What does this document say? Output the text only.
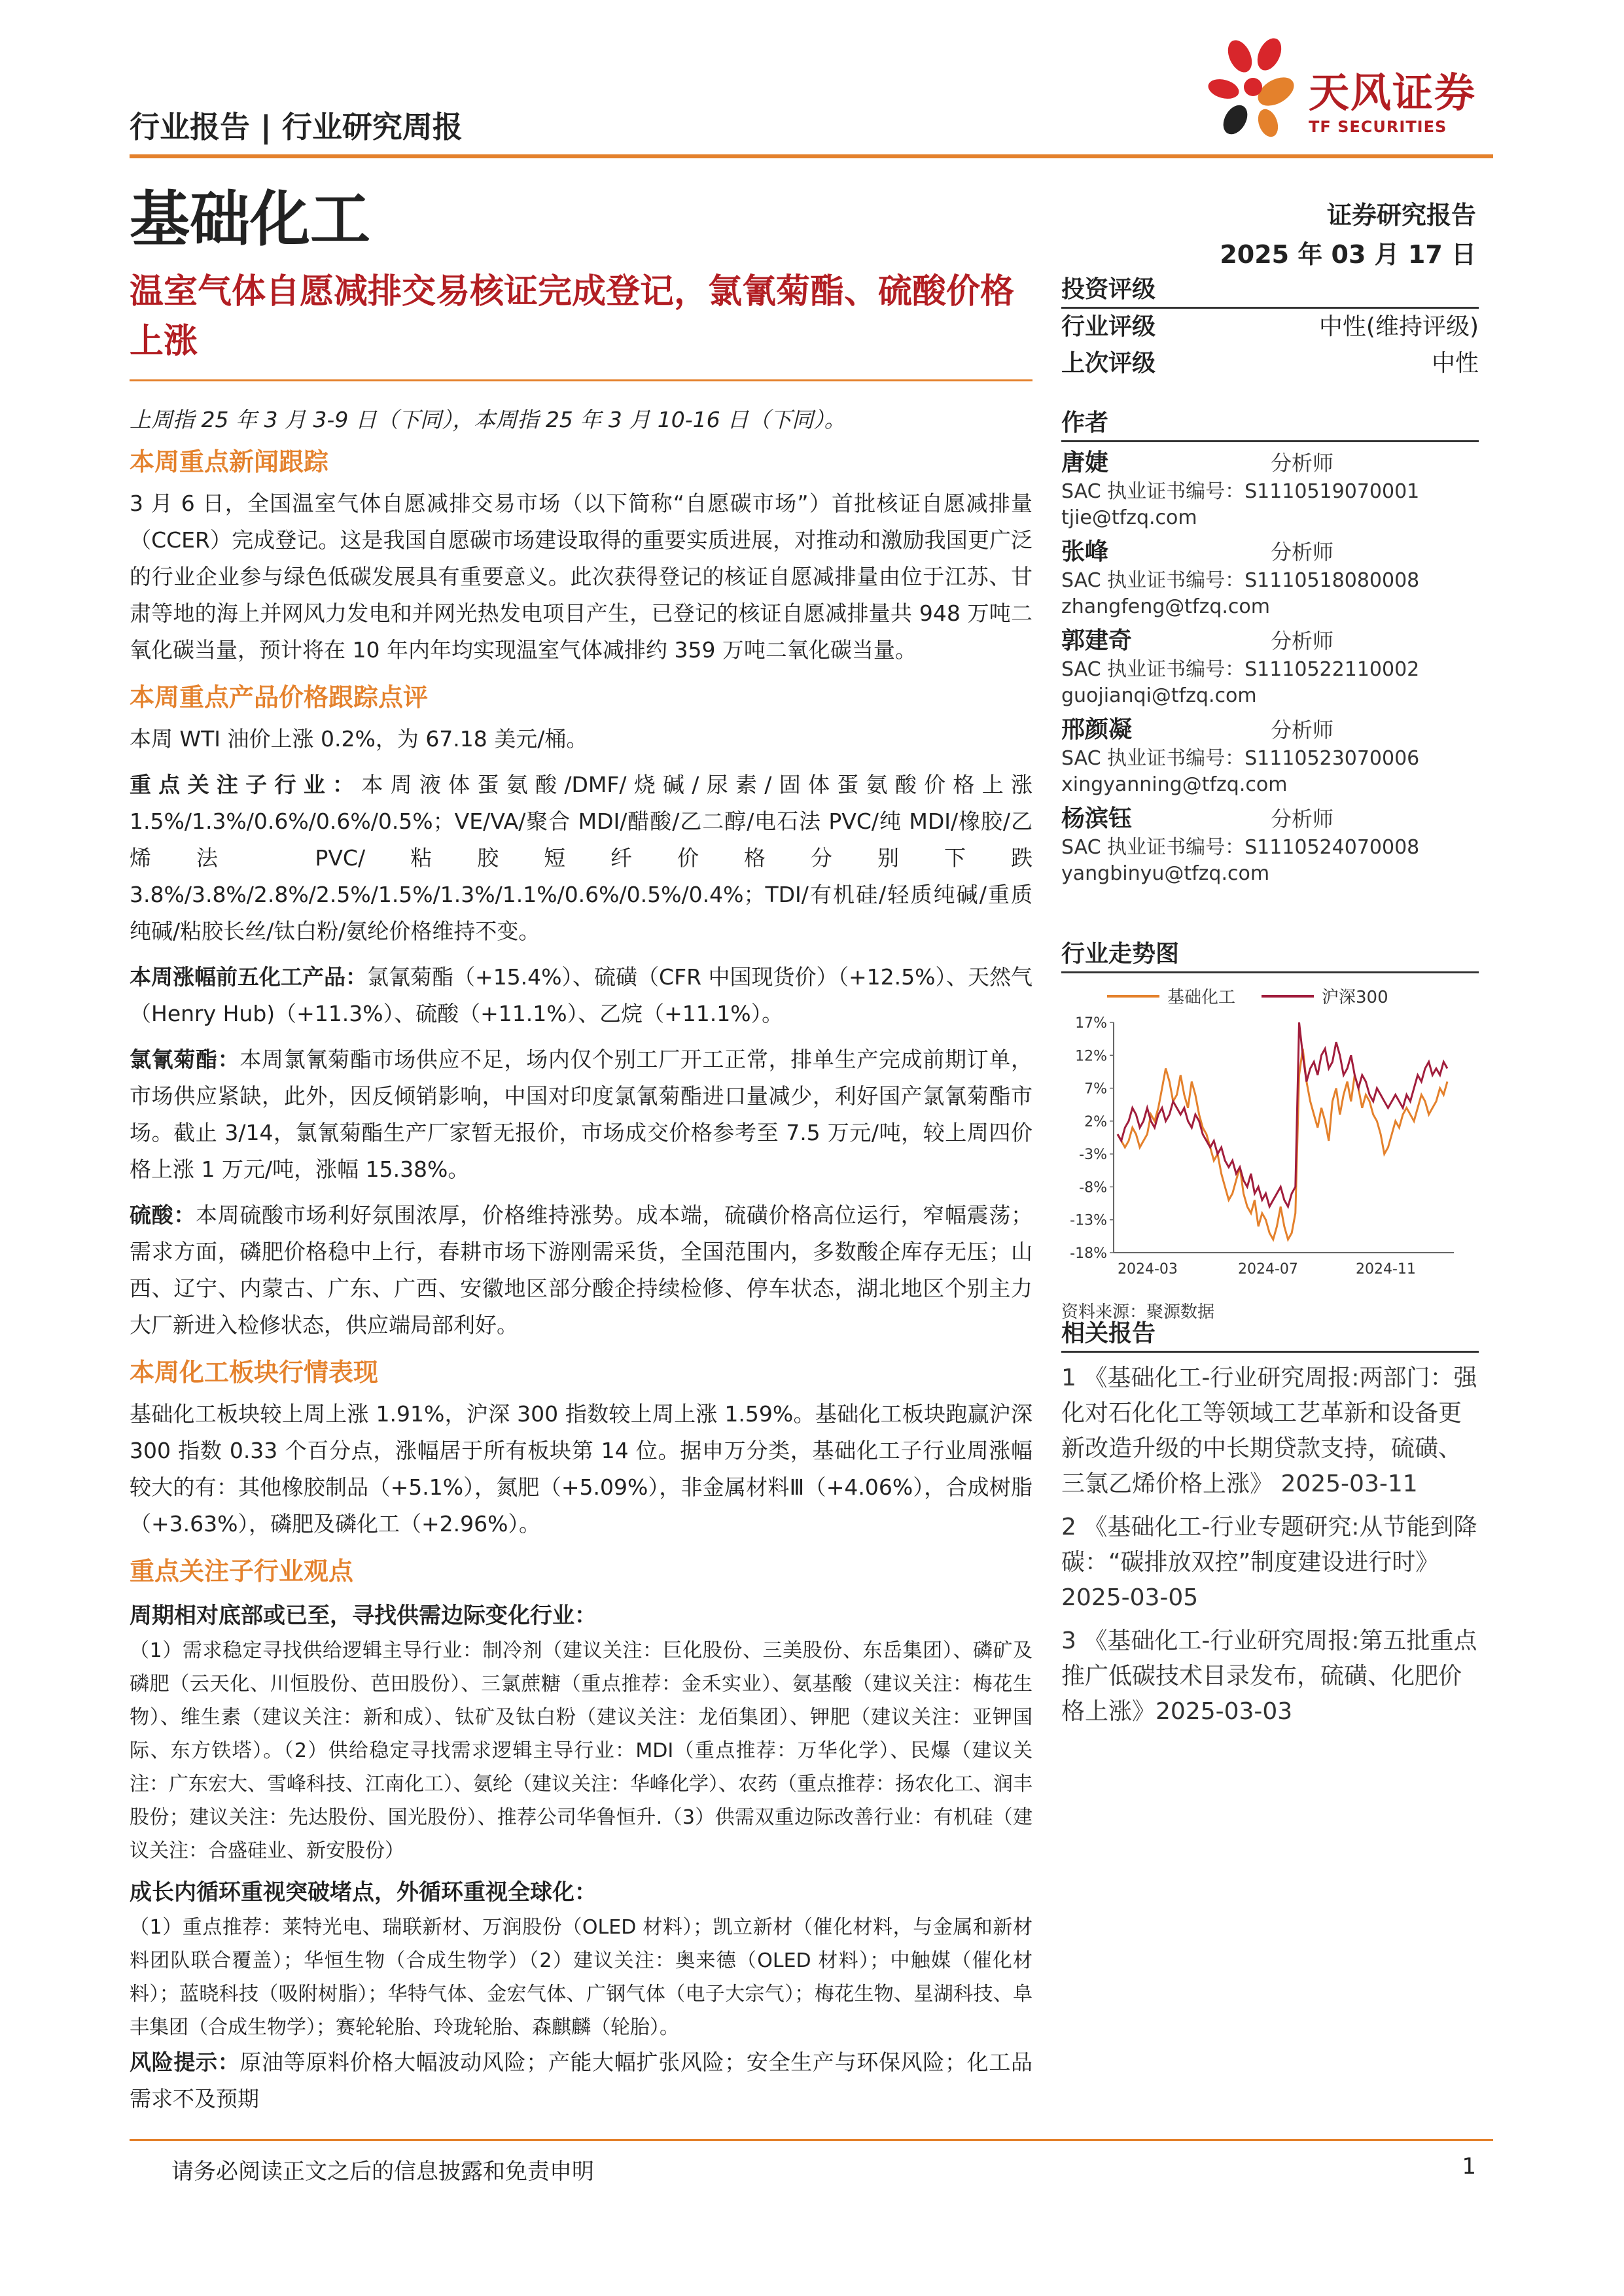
天风证券
TF SECURITIES
行业报告 | 行业研究周报
基础化工	证券研究报告
2025 年 03 月 17 日
温室气体自愿减排交易核证完成登记，氯氰菊酯、硫酸价格上涨

上周指 25 年 3 月 3-9 日（下同），本周指 25 年 3 月 10-16 日（下同）。

本周重点新闻跟踪

3 月 6 日，全国温室气体自愿减排交易市场（以下简称“自愿碳市场”）首批核证自愿减排量（CCER）完成登记。这是我国自愿碳市场建设取得的重要实质进展，对推动和激励我国更广泛的行业企业参与绿色低碳发展具有重要意义。此次获得登记的核证自愿减排量由位于江苏、甘肃等地的海上并网风力发电和并网光热发电项目产生，已登记的核证自愿减排量共 948 万吨二氧化碳当量，预计将在 10 年内年均实现温室气体减排约 359 万吨二氧化碳当量。

本周重点产品价格跟踪点评

本周 WTI 油价上涨 0.2%，为 67.18 美元/桶。

重点关注子行业：本周液体蛋氨酸/DMF/烧碱/尿素/固体蛋氨酸价格上涨 1.5%/1.3%/0.6%/0.6%/0.5%；VE/VA/聚合 MDI/醋酸/乙二醇/电石法 PVC/纯 MDI/橡胶/乙烯法 PVC/粘胶短纤价格分别下跌 3.8%/3.8%/2.8%/2.5%/1.5%/1.3%/1.1%/0.6%/0.5%/0.4%；TDI/有机硅/轻质纯碱/重质纯碱/粘胶长丝/钛白粉/氨纶价格维持不变。

本周涨幅前五化工产品：氯氰菊酯（+15.4%）、硫磺（CFR 中国现货价）（+12.5%）、天然气（Henry Hub)（+11.3%）、硫酸（+11.1%）、乙烷（+11.1%）。

氯氰菊酯：本周氯氰菊酯市场供应不足，场内仅个别工厂开工正常，排单生产完成前期订单，市场供应紧缺，此外，因反倾销影响，中国对印度氯氰菊酯进口量减少，利好国产氯氰菊酯市场。截止 3/14，氯氰菊酯生产厂家暂无报价，市场成交价格参考至 7.5 万元/吨，较上周四价格上涨 1 万元/吨，涨幅 15.38%。

硫酸：本周硫酸市场利好氛围浓厚，价格维持涨势。成本端，硫磺价格高位运行，窄幅震荡；需求方面，磷肥价格稳中上行，春耕市场下游刚需采货，全国范围内，多数酸企库存无压；山西、辽宁、内蒙古、广东、广西、安徽地区部分酸企持续检修、停车状态，湖北地区个别主力大厂新进入检修状态，供应端局部利好。

本周化工板块行情表现

基础化工板块较上周上涨 1.91%，沪深 300 指数较上周上涨 1.59%。基础化工板块跑赢沪深 300 指数 0.33 个百分点，涨幅居于所有板块第 14 位。据申万分类，基础化工子行业周涨幅较大的有：其他橡胶制品（+5.1%），氮肥（+5.09%），非金属材料Ⅲ（+4.06%），合成树脂（+3.63%），磷肥及磷化工（+2.96%）。

重点关注子行业观点
周期相对底部或已至，寻找供需边际变化行业：

（1）需求稳定寻找供给逻辑主导行业：制冷剂（建议关注：巨化股份、三美股份、东岳集团）、磷矿及磷肥（云天化、川恒股份、芭田股份）、三氯蔗糖（重点推荐：金禾实业）、氨基酸（建议关注：梅花生物）、维生素（建议关注：新和成）、钛矿及钛白粉（建议关注：龙佰集团）、钾肥（建议关注：亚钾国际、东方铁塔）。（2）供给稳定寻找需求逻辑主导行业：MDI（重点推荐：万华化学）、民爆（建议关注：广东宏大、雪峰科技、江南化工）、氨纶（建议关注：华峰化学）、农药（重点推荐：扬农化工、润丰股份；建议关注：先达股份、国光股份）、推荐公司华鲁恒升.（3）供需双重边际改善行业：有机硅（建议关注：合盛硅业、新安股份）

成长内循环重视突破堵点，外循环重视全球化：

（1）重点推荐：莱特光电、瑞联新材、万润股份（OLED 材料）；凯立新材（催化材料，与金属和新材料团队联合覆盖）；华恒生物（合成生物学）（2）建议关注：奥来德（OLED 材料）；中触媒（催化材料）；蓝晓科技（吸附树脂）；华特气体、金宏气体、广钢气体（电子大宗气）；梅花生物、星湖科技、阜丰集团（合成生物学）；赛轮轮胎、玲珑轮胎、森麒麟（轮胎）。

风险提示：原油等原料价格大幅波动风险；产能大幅扩张风险；安全生产与环保风险；化工品需求不及预期

投资评级
行业评级	中性(维持评级)
上次评级	中性
作者
唐婕	分析师
SAC 执业证书编号：S1110519070001
tjie@tfzq.com
张峰	分析师
SAC 执业证书编号：S1110518080008
zhangfeng@tfzq.com
郭建奇	分析师
SAC 执业证书编号：S1110522110002
guojianqi@tfzq.com
邢颜凝	分析师
SAC 执业证书编号：S1110523070006
xingyanning@tfzq.com
杨滨钰	分析师
SAC 执业证书编号：S1110524070008
yangbinyu@tfzq.com
行业走势图
基础化工	沪深300
17%
12%
7%
2%
-3%
-8%
-13%
-18%
2024-03	2024-07	2024-11
资料来源：聚源数据
相关报告
1 《基础化工-行业研究周报:两部门：强化对石化化工等领域工艺革新和设备更新改造升级的中长期贷款支持，硫磺、三氯乙烯价格上涨》 2025-03-11
2 《基础化工-行业专题研究:从节能到降碳：“碳排放双控”制度建设进行时》2025-03-05
3 《基础化工-行业研究周报:第五批重点推广低碳技术目录发布，硫磺、化肥价格上涨》2025-03-03
请务必阅读正文之后的信息披露和免责申明	1
